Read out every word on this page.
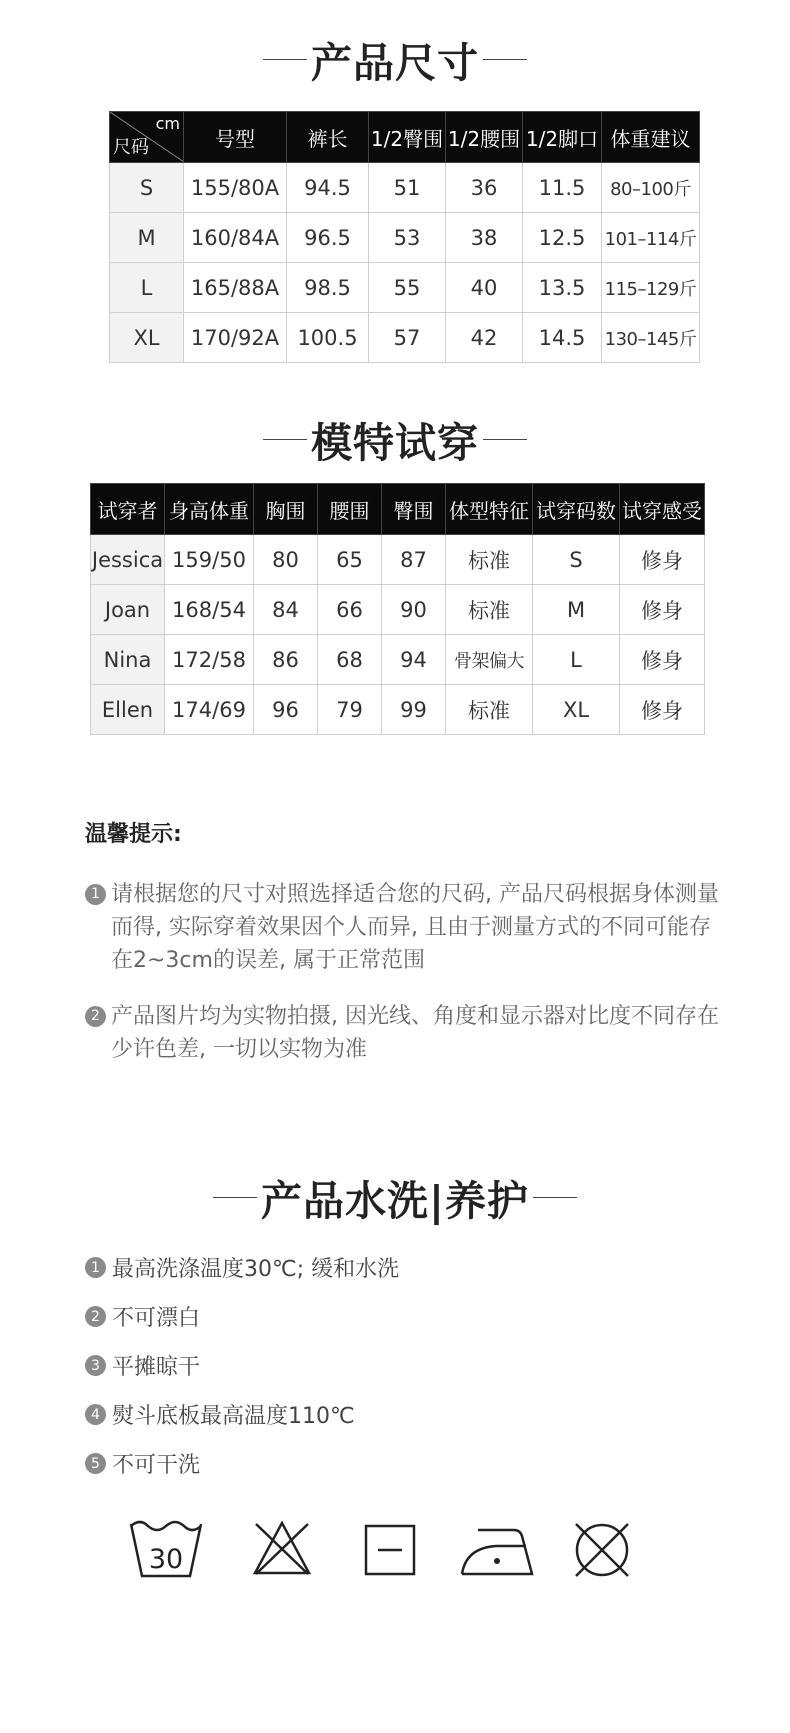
产品尺寸
cm
尺码	号型	裤长	1/2臀围	1/2腰围	1/2脚口	体重建议
S	155/80A	94.5	51	36	11.5	80–100斤
M	160/84A	96.5	53	38	12.5	101–114斤
L	165/88A	98.5	55	40	13.5	115–129斤
XL	170/92A	100.5	57	42	14.5	130–145斤
模特试穿
试穿者	身高体重	胸围	腰围	臀围	体型特征	试穿码数	试穿感受
Jessica	159/50	80	65	87	标准	S	修身
Joan	168/54	84	66	90	标准	M	修身
Nina	172/58	86	68	94	骨架偏大	L	修身
Ellen	174/69	96	79	99	标准	XL	修身
温馨提示:
1 请根据您的尺寸对照选择适合您的尺码, 产品尺码根据身体测量而得, 实际穿着效果因个人而异, 且由于测量方式的不同可能存在2~3cm的误差, 属于正常范围
2 产品图片均为实物拍摄, 因光线、角度和显示器对比度不同存在少许色差, 一切以实物为准
产品水洗|养护
1 最高洗涤温度30℃; 缓和水洗
2 不可漂白
3 平摊晾干
4 熨斗底板最高温度110℃
5 不可干洗
30
